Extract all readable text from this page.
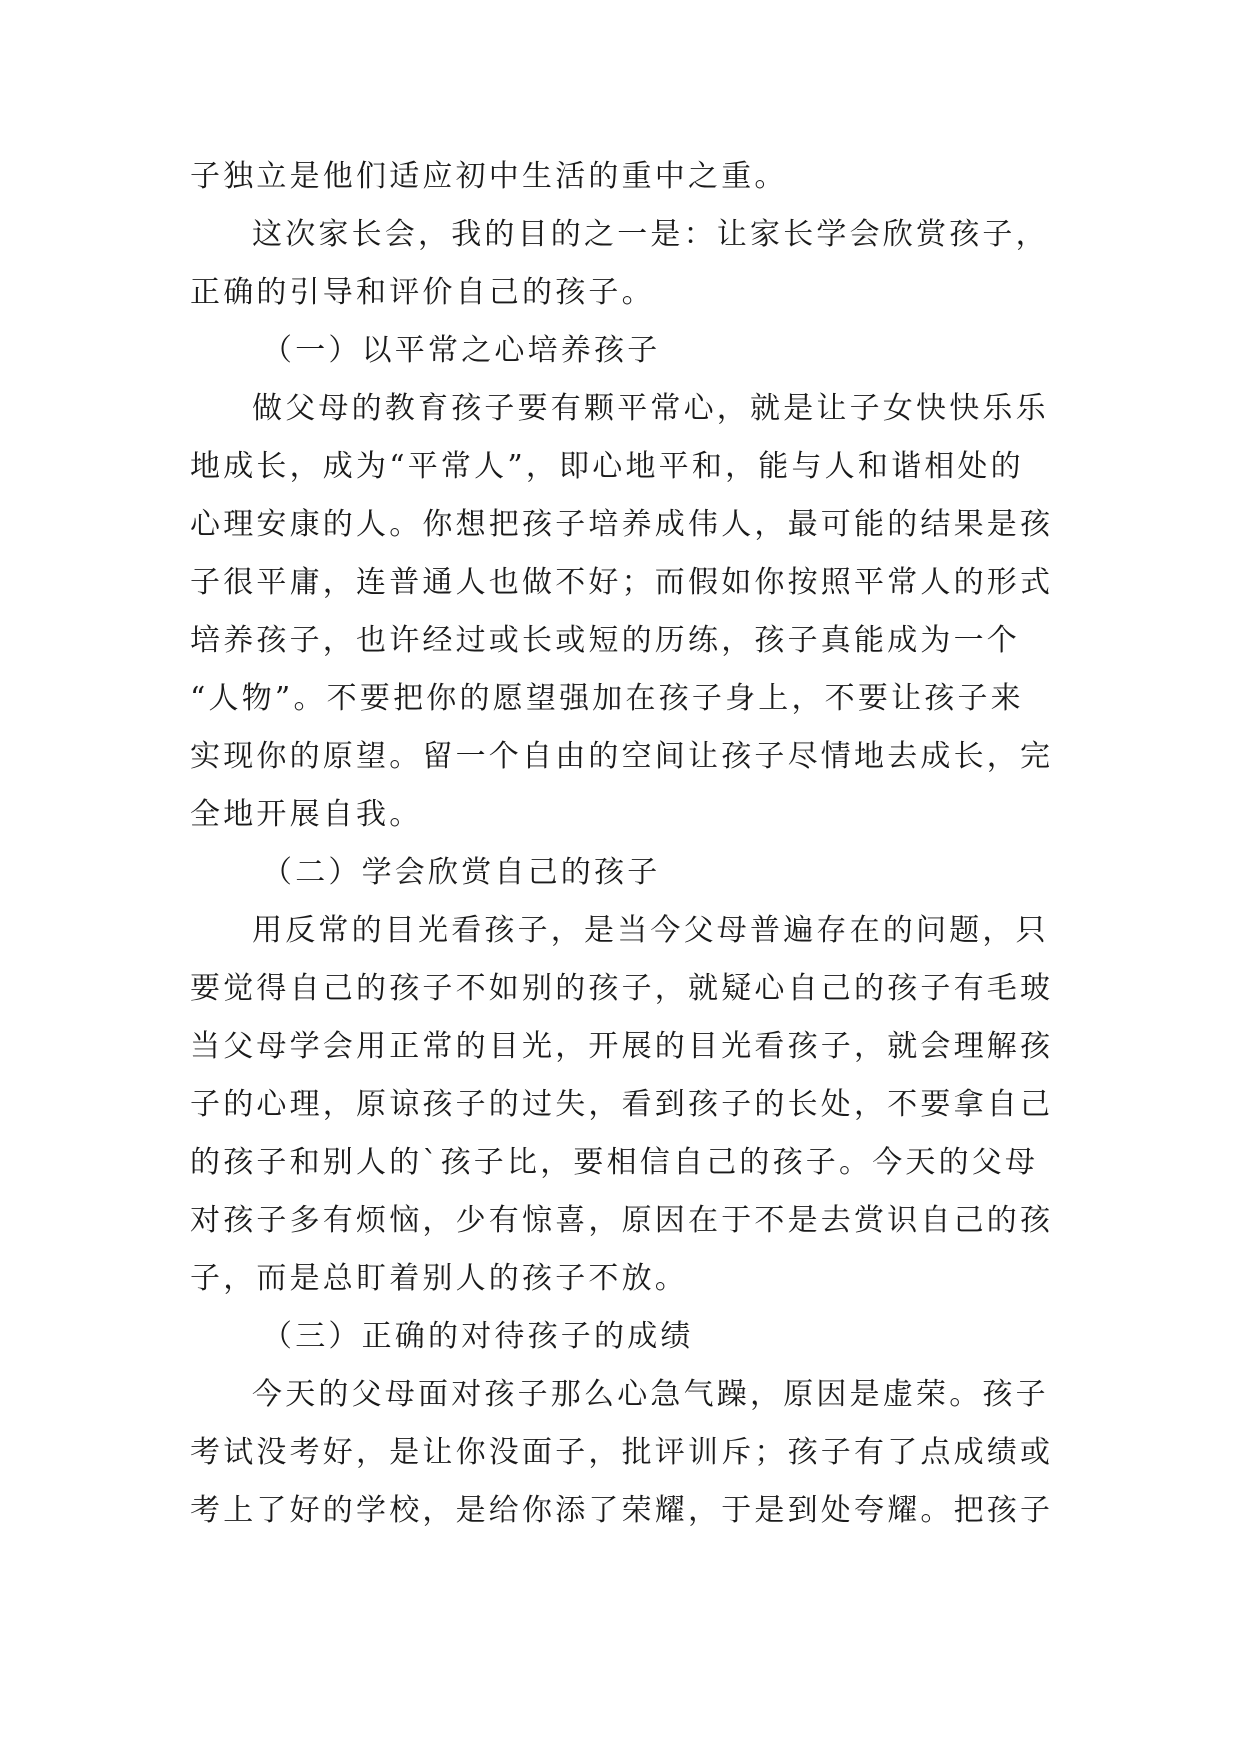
子独立是他们适应初中生活的重中之重。
这次家长会，我的目的之一是：让家长学会欣赏孩子，
正确的引导和评价自己的孩子。
（一）以平常之心培养孩子
做父母的教育孩子要有颗平常心，就是让子女快快乐乐
地成长，成为“平常人”，即心地平和，能与人和谐相处的
心理安康的人。你想把孩子培养成伟人，最可能的结果是孩
子很平庸，连普通人也做不好；而假如你按照平常人的形式
培养孩子，也许经过或长或短的历练，孩子真能成为一个
“人物”。不要把你的愿望强加在孩子身上，不要让孩子来
实现你的原望。留一个自由的空间让孩子尽情地去成长，完
全地开展自我。
（二）学会欣赏自己的孩子
用反常的目光看孩子，是当今父母普遍存在的问题，只
要觉得自己的孩子不如别的孩子，就疑心自己的孩子有毛玻
当父母学会用正常的目光，开展的目光看孩子，就会理解孩
子的心理，原谅孩子的过失，看到孩子的长处，不要拿自己
的孩子和别人的`孩子比，要相信自己的孩子。今天的父母
对孩子多有烦恼，少有惊喜，原因在于不是去赏识自己的孩
子，而是总盯着别人的孩子不放。
（三）正确的对待孩子的成绩
今天的父母面对孩子那么心急气躁，原因是虚荣。孩子
考试没考好，是让你没面子，批评训斥；孩子有了点成绩或
考上了好的学校，是给你添了荣耀，于是到处夸耀。把孩子
